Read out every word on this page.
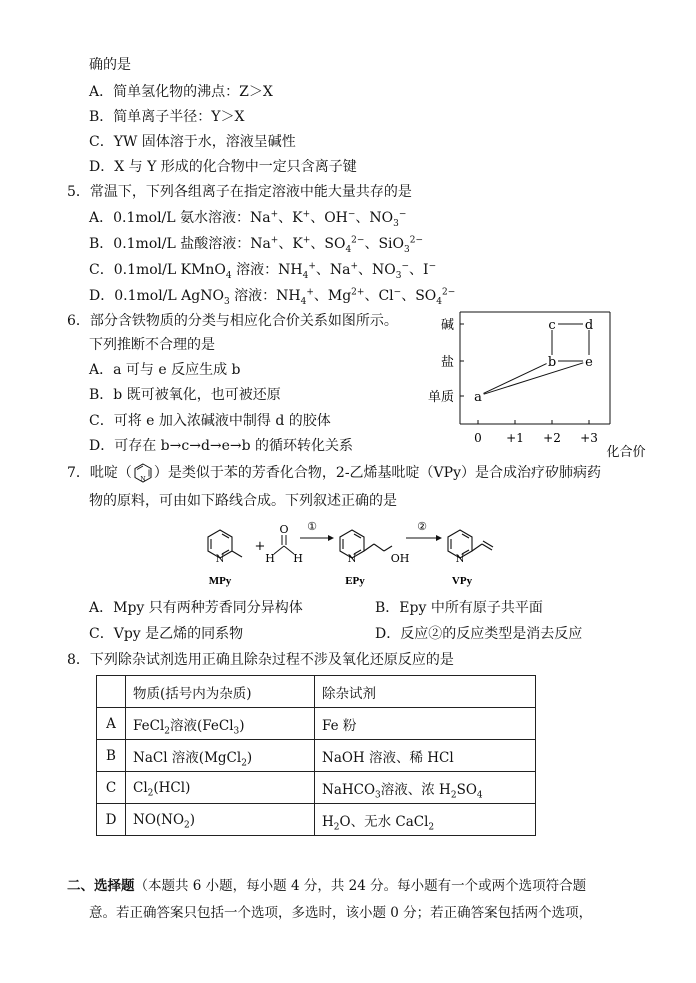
确的是
A．简单氢化物的沸点：Z＞X
B．简单离子半径：Y＞X
C．YW 固体溶于水，溶液呈碱性
D．X 与 Y 形成的化合物中一定只含离子键
5．常温下，下列各组离子在指定溶液中能大量共存的是
A．0.1mol/L 氨水溶液：Na+、K+、OH−、$NO_3^-$
B．0.1mol/L 盐酸溶液：Na+、K+、$SO_4^{2-}$、SiO$_3^{2-}$
C．0.1mol/L KMnO$_4$ 溶液：$NH_4^+$、Na+、$NO_3^-$、I−
D．0.1mol/L AgNO$_3$ 溶液：$NH_4^+$、$Mg^{2+}$、Cl−、$SO_4^{2-}$
6．部分含铁物质的分类与相应化合价关系如图所示。
下列推断不合理的是
A．a 可与 e 反应生成 b
B．b 既可被氧化，也可被还原
C．可将 e 加入浓碱液中制得 d 的胶体
D．可存在 b→c→d→e→b 的循环转化关系
单质
盐
碱
0 +1 +2 +3
化合价
a
b
c d
e
7．吡啶（ N ）是类似于苯的芳香化合物，2-乙烯基吡啶（VPy）是合成治疗矽肺病药
物的原料，可由如下路线合成。下列叙述正确的是
N
MPy
+
O
H H
①
N	OH
EPy
②
N
VPy
A．Mpy 只有两种芳香同分异构体	B．Epy 中所有原子共平面
C．Vpy 是乙烯的同系物	D．反应②的反应类型是消去反应
8．下列除杂试剂选用正确且除杂过程不涉及氧化还原反应的是
	物质(括号内为杂质)	除杂试剂
A	FeCl$_2$溶液(FeCl$_3$)	Fe 粉
B	NaCl 溶液(MgCl$_2$)	NaOH 溶液、稀 HCl
C	$Cl_2(HCl)$	NaHCO$_3$溶液、浓 $H_2SO_4$
D	$NO(NO_2)$	$H_2O$、无水 CaCl$_2$
二、选择题（本题共 6 小题，每小题 4 分，共 24 分。每小题有一个或两个选项符合题
意。若正确答案只包括一个选项，多选时，该小题 0 分；若正确答案包括两个选项，
